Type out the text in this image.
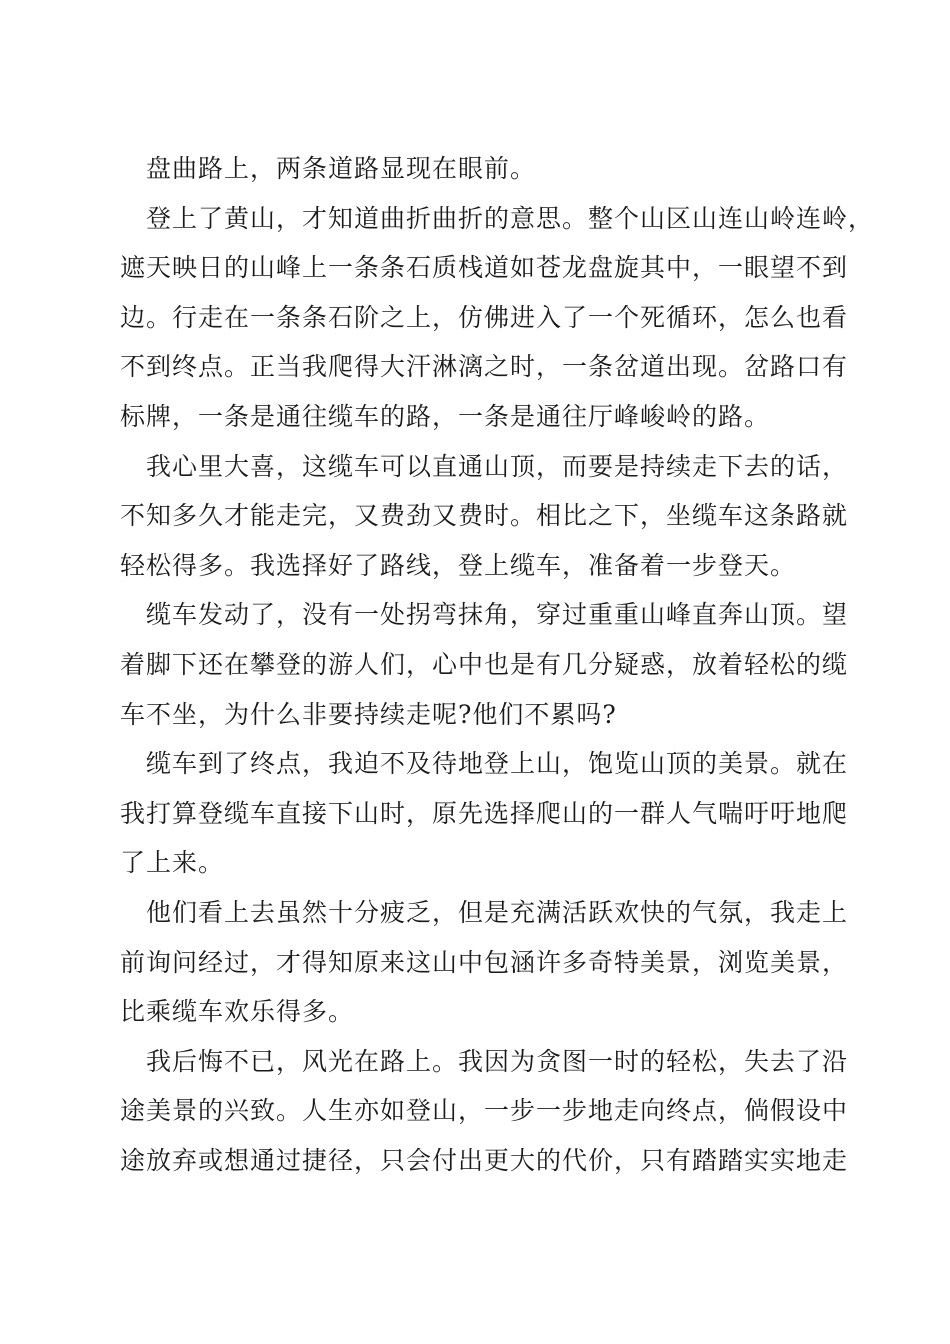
盘曲路上，两条道路显现在眼前。

登上了黄山，才知道曲折曲折的意思。整个山区山连山岭连岭，
遮天映日的山峰上一条条石质栈道如苍龙盘旋其中，一眼望不到
边。行走在一条条石阶之上，仿佛进入了一个死循环，怎么也看
不到终点。正当我爬得大汗淋漓之时，一条岔道出现。岔路口有
标牌，一条是通往缆车的路，一条是通往厅峰峻岭的路。

我心里大喜，这缆车可以直通山顶，而要是持续走下去的话，
不知多久才能走完，又费劲又费时。相比之下，坐缆车这条路就
轻松得多。我选择好了路线，登上缆车，准备着一步登天。

缆车发动了，没有一处拐弯抹角，穿过重重山峰直奔山顶。望
着脚下还在攀登的游人们，心中也是有几分疑惑，放着轻松的缆
车不坐，为什么非要持续走呢?他们不累吗?

缆车到了终点，我迫不及待地登上山，饱览山顶的美景。就在
我打算登缆车直接下山时，原先选择爬山的一群人气喘吁吁地爬
了上来。

他们看上去虽然十分疲乏，但是充满活跃欢快的气氛，我走上
前询问经过，才得知原来这山中包涵许多奇特美景，浏览美景，
比乘缆车欢乐得多。

我后悔不已，风光在路上。我因为贪图一时的轻松，失去了沿
途美景的兴致。人生亦如登山，一步一步地走向终点，倘假设中
途放弃或想通过捷径，只会付出更大的代价，只有踏踏实实地走
